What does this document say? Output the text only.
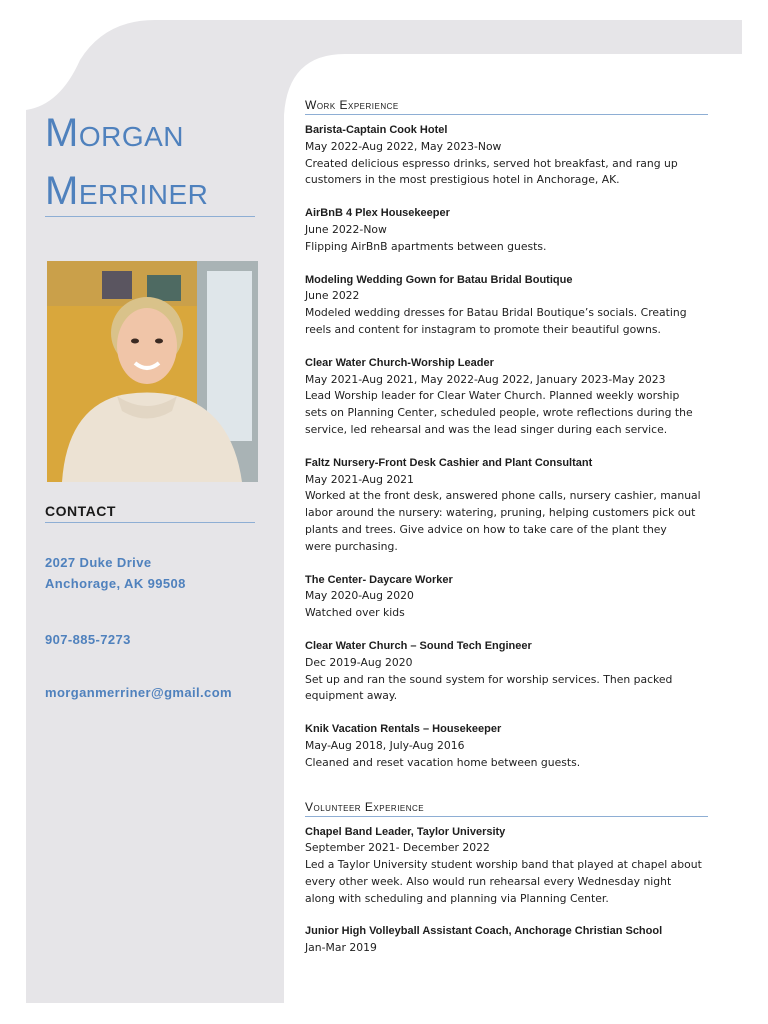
Morgan
Merriner
CONTACT
2027 Duke Drive
Anchorage, AK 99508
907-885-7273
morganmerriner@gmail.com
Work Experience
Barista-Captain Cook Hotel
May 2022-Aug 2022, May 2023-Now
Created delicious espresso drinks, served hot breakfast, and rang up
customers in the most prestigious hotel in Anchorage, AK.
AirBnB 4 Plex Housekeeper
June 2022-Now
Flipping AirBnB apartments between guests.
Modeling Wedding Gown for Batau Bridal Boutique
June 2022
Modeled wedding dresses for Batau Bridal Boutique’s socials. Creating
reels and content for instagram to promote their beautiful gowns.
Clear Water Church-Worship Leader
May 2021-Aug 2021, May 2022-Aug 2022, January 2023-May 2023
Lead Worship leader for Clear Water Church. Planned weekly worship
sets on Planning Center, scheduled people, wrote reflections during the
service, led rehearsal and was the lead singer during each service.
Faltz Nursery-Front Desk Cashier and Plant Consultant
May 2021-Aug 2021
Worked at the front desk, answered phone calls, nursery cashier, manual
labor around the nursery: watering, pruning, helping customers pick out
plants and trees. Give advice on how to take care of the plant they
were purchasing.
The Center- Daycare Worker
May 2020-Aug 2020
Watched over kids
Clear Water Church – Sound Tech Engineer
Dec 2019-Aug 2020
Set up and ran the sound system for worship services. Then packed
equipment away.
Knik Vacation Rentals – Housekeeper
May-Aug 2018, July-Aug 2016
Cleaned and reset vacation home between guests.
Volunteer Experience
Chapel Band Leader, Taylor University
September 2021- December 2022
Led a Taylor University student worship band that played at chapel about
every other week. Also would run rehearsal every Wednesday night
along with scheduling and planning via Planning Center.
Junior High Volleyball Assistant Coach, Anchorage Christian School
Jan-Mar 2019
